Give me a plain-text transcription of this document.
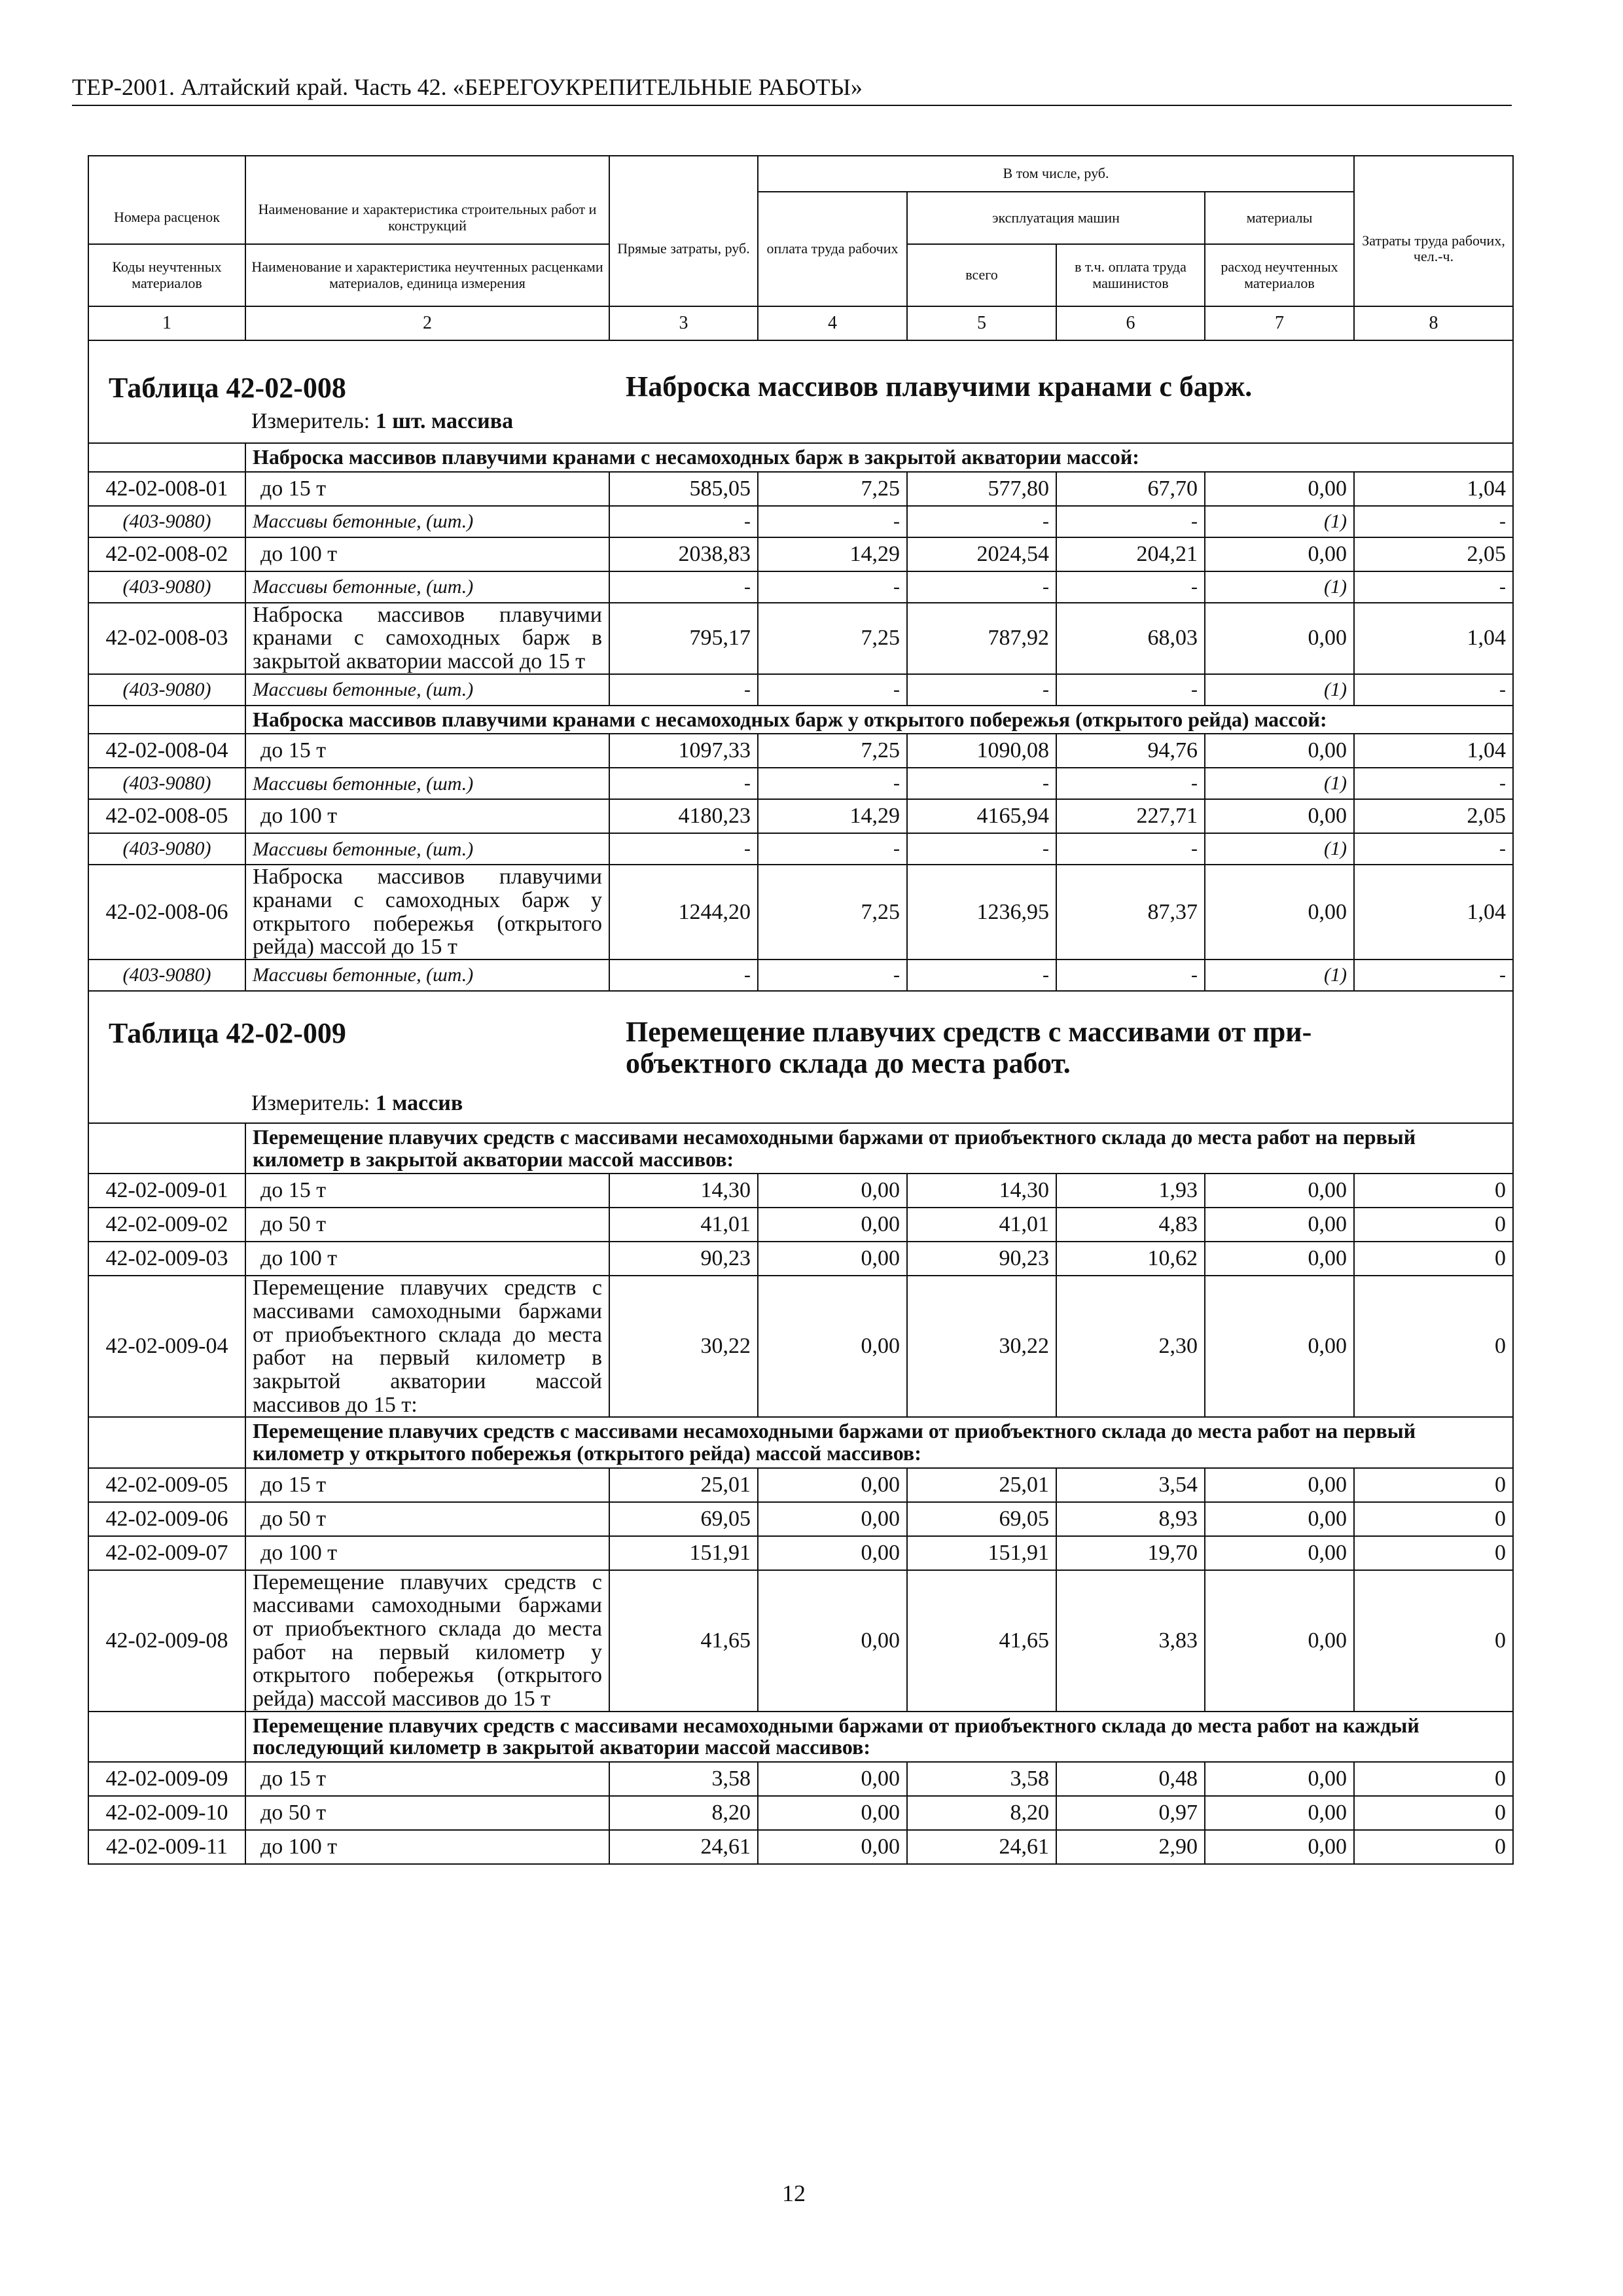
ТЕР-2001. Алтайский край. Часть 42. «БЕРЕГОУКРЕПИТЕЛЬНЫЕ РАБОТЫ»
			В том числе, руб.				
Номера расценок	Наименование и характеристика строительных работ и конструкций	Прямые затраты, руб.	оплата труда рабочих	эксплуатация машин		материалы	Затраты труда рабочих, чел.-ч.
Коды неучтенных материалов	Наименование и характеристика неучтенных расценками материалов, единица измерения			всего	в т.ч. оплата труда машинистов	расход неучтенных материалов	
1	2	3	4	5	6	7	8

Таблица 42-02-008 Наброска массивов плавучими кранами с барж.
Измеритель: 1 шт. массива							

	Наброска массивов плавучими кранами с несамоходных барж в закрытой акватории массой:						
42-02-008-01	до 15 т	585,05	7,25	577,80	67,70	0,00	1,04
(403-9080)	Массивы бетонные, (шт.)	-	-	-	-	(1)	-
42-02-008-02	до 100 т	2038,83	14,29	2024,54	204,21	0,00	2,05
(403-9080)	Массивы бетонные, (шт.)	-	-	-	-	(1)	-
42-02-008-03	Наброска массивов плавучими кранами с самоходных барж в закрытой акватории массой до 15 т	795,17	7,25	787,92	68,03	0,00	1,04
(403-9080)	Массивы бетонные, (шт.)	-	-	-	-	(1)	-
	Наброска массивов плавучими кранами с несамоходных барж у открытого побережья (открытого рейда) массой:						
42-02-008-04	до 15 т	1097,33	7,25	1090,08	94,76	0,00	1,04
(403-9080)	Массивы бетонные, (шт.)	-	-	-	-	(1)	-
42-02-008-05	до 100 т	4180,23	14,29	4165,94	227,71	0,00	2,05
(403-9080)	Массивы бетонные, (шт.)	-	-	-	-	(1)	-
42-02-008-06	Наброска массивов плавучими кранами с самоходных барж у открытого побережья (открытого рейда) массой до 15 т	1244,20	7,25	1236,95	87,37	0,00	1,04
(403-9080)	Массивы бетонные, (шт.)	-	-	-	-	(1)	-

Таблица 42-02-009 Перемещение плавучих средств с массивами от при-объектного склада до места работ.
Измеритель: 1 массив							

	Перемещение плавучих средств с массивами несамоходными баржами от приобъектного склада до места работ на первый километр в закрытой акватории массой массивов:						
42-02-009-01	до 15 т	14,30	0,00	14,30	1,93	0,00	0
42-02-009-02	до 50 т	41,01	0,00	41,01	4,83	0,00	0
42-02-009-03	до 100 т	90,23	0,00	90,23	10,62	0,00	0
42-02-009-04	Перемещение плавучих средств с массивами самоходными баржами от приобъектного склада до места работ на первый километр в закрытой акватории массой массивов до 15 т:	30,22	0,00	30,22	2,30	0,00	0
	Перемещение плавучих средств с массивами несамоходными баржами от приобъектного склада до места работ на первый километр у открытого побережья (открытого рейда) массой массивов:						
42-02-009-05	до 15 т	25,01	0,00	25,01	3,54	0,00	0
42-02-009-06	до 50 т	69,05	0,00	69,05	8,93	0,00	0
42-02-009-07	до 100 т	151,91	0,00	151,91	19,70	0,00	0
42-02-009-08	Перемещение плавучих средств с массивами самоходными баржами от приобъектного склада до места работ на первый километр у открытого побережья (открытого рейда) массой массивов до 15 т	41,65	0,00	41,65	3,83	0,00	0
	Перемещение плавучих средств с массивами несамоходными баржами от приобъектного склада до места работ на каждый последующий километр в закрытой акватории массой массивов:						
42-02-009-09	до 15 т	3,58	0,00	3,58	0,48	0,00	0
42-02-009-10	до 50 т	8,20	0,00	8,20	0,97	0,00	0
42-02-009-11	до 100 т	24,61	0,00	24,61	2,90	0,00	0
12
